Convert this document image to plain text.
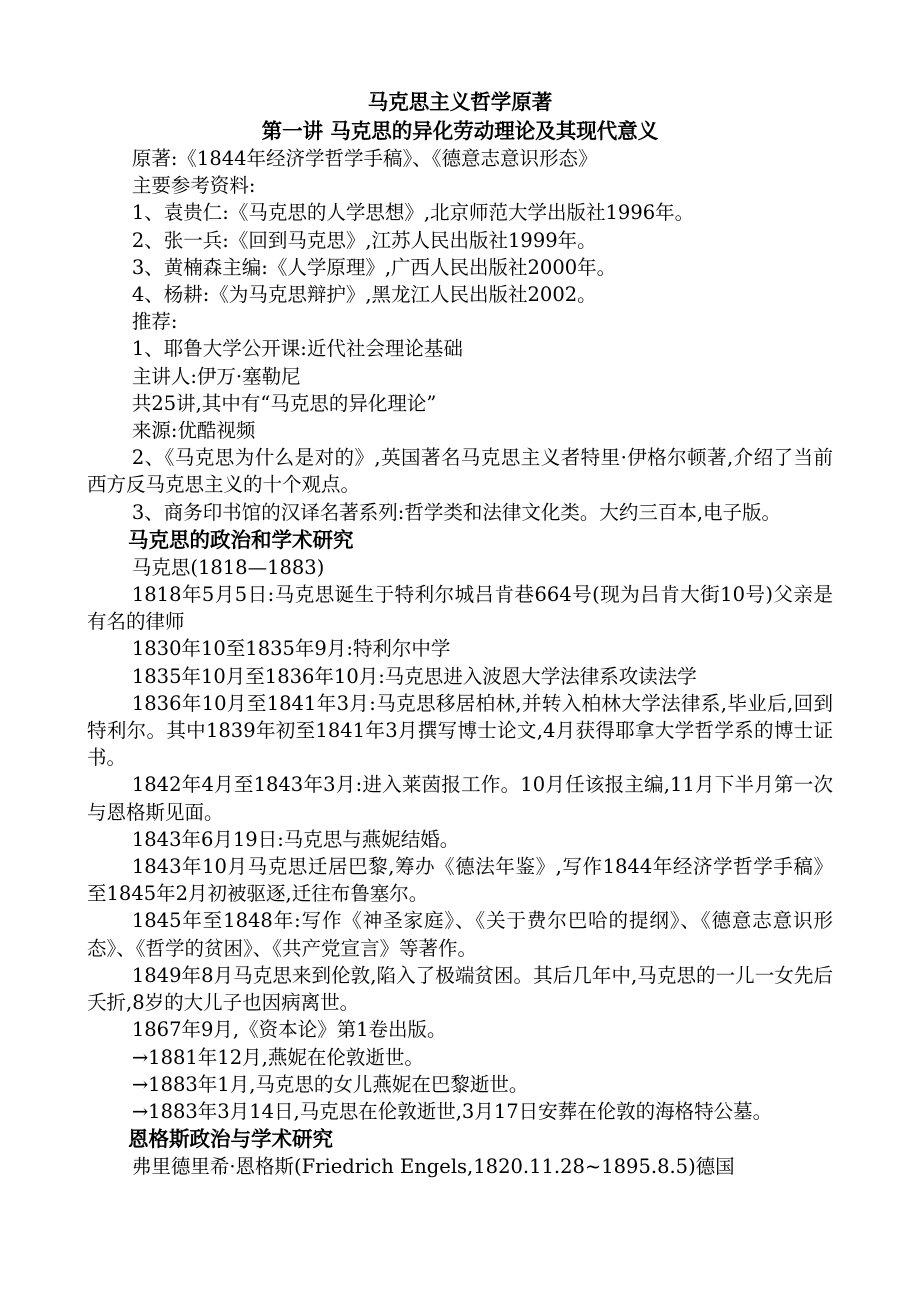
马克思主义哲学原著
第一讲 马克思的异化劳动理论及其现代意义

原著:《1844年经济学哲学手稿》、《德意志意识形态》

主要参考资料:

1、袁贵仁:《马克思的人学思想》,北京师范大学出版社1996年。

2、张一兵:《回到马克思》,江苏人民出版社1999年。

3、黄楠森主编:《人学原理》,广西人民出版社2000年。

4、杨耕:《为马克思辩护》,黑龙江人民出版社2002。

推荐:

1、耶鲁大学公开课:近代社会理论基础

主讲人:伊万·塞勒尼

共25讲,其中有“马克思的异化理论”

来源:优酷视频

2、《马克思为什么是对的》,英国著名马克思主义者特里·伊格尔顿著,介绍了当前西方反马克思主义的十个观点。

3、商务印书馆的汉译名著系列:哲学类和法律文化类。大约三百本,电子版。

马克思的政治和学术研究

马克思(1818—1883)

1818年5月5日:马克思诞生于特利尔城吕肯巷664号(现为吕肯大街10号)父亲是有名的律师

1830年10至1835年9月:特利尔中学

1835年10月至1836年10月:马克思进入波恩大学法律系攻读法学

1836年10月至1841年3月:马克思移居柏林,并转入柏林大学法律系,毕业后,回到特利尔。其中1839年初至1841年3月撰写博士论文,4月获得耶拿大学哲学系的博士证书。

1842年4月至1843年3月:进入莱茵报工作。10月任该报主编,11月下半月第一次与恩格斯见面。

1843年6月19日:马克思与燕妮结婚。

1843年10月马克思迁居巴黎,筹办《德法年鉴》,写作1844年经济学哲学手稿》至1845年2月初被驱逐,迁往布鲁塞尔。

1845年至1848年:写作《神圣家庭》、《关于费尔巴哈的提纲》、《德意志意识形态》、《哲学的贫困》、《共产党宣言》等著作。

1849年8月马克思来到伦敦,陷入了极端贫困。其后几年中,马克思的一儿一女先后夭折,8岁的大儿子也因病离世。

1867年9月,《资本论》第1卷出版。

→1881年12月,燕妮在伦敦逝世。

→1883年1月,马克思的女儿燕妮在巴黎逝世。

→1883年3月14日,马克思在伦敦逝世,3月17日安葬在伦敦的海格特公墓。

恩格斯政治与学术研究

弗里德里希·恩格斯(Friedrich Engels,1820.11.28~1895.8.5)德国
